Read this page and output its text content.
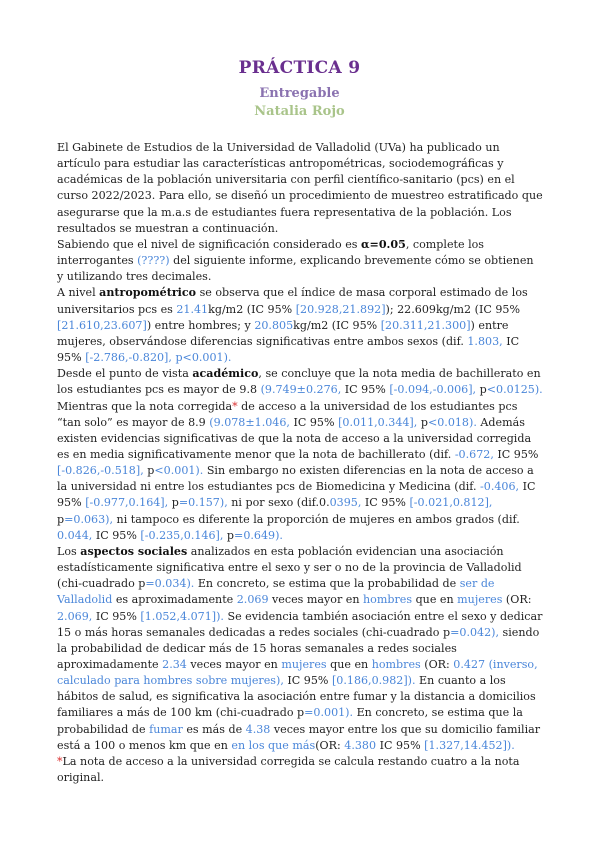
PRÁCTICA 9
Entregable
Natalia Rojo

El Gabinete de Estudios de la Universidad de Valladolid (UVa) ha publicado un artículo para estudiar las características antropométricas, sociodemográficas y académicas de la población universitaria con perfil científico-sanitario (pcs) en el curso 2022/2023. Para ello, se diseñó un procedimiento de muestreo estratificado que asegurarse que la m.a.s de estudiantes fuera representativa de la población. Los resultados se muestran a continuación.

Sabiendo que el nivel de significación considerado es α=0.05, complete los interrogantes (????) del siguiente informe, explicando brevemente cómo se obtienen y utilizando tres decimales.

A nivel antropométrico se observa que el índice de masa corporal estimado de los universitarios pcs es 21.41kg/m2 (IC 95% [20.928,21.892]); 22.609kg/m2 (IC 95% [21.610,23.607]) entre hombres; y 20.805kg/m2 (IC 95% [20.311,21.300]) entre mujeres, observándose diferencias significativas entre ambos sexos (dif. 1.803, IC 95% [-2.786,-0.820], p<0.001).

Desde el punto de vista académico, se concluye que la nota media de bachillerato en los estudiantes pcs es mayor de 9.8 (9.749±0.276, IC 95% [-0.094,-0.006], p<0.0125). Mientras que la nota corregida* de acceso a la universidad de los estudiantes pcs “tan solo” es mayor de 8.9 (9.078±1.046, IC 95% [0.011,0.344], p<0.018). Además existen evidencias significativas de que la nota de acceso a la universidad corregida es en media significativamente menor que la nota de bachillerato (dif. -0.672, IC 95% [-0.826,-0.518], p<0.001). Sin embargo no existen diferencias en la nota de acceso a la universidad ni entre los estudiantes pcs de Biomedicina y Medicina (dif. -0.406, IC 95% [-0.977,0.164], p=0.157), ni por sexo (dif.0.0395, IC 95% [-0.021,0.812], p=0.063), ni tampoco es diferente la proporción de mujeres en ambos grados (dif. 0.044, IC 95% [-0.235,0.146], p=0.649).

Los aspectos sociales analizados en esta población evidencian una asociación estadísticamente significativa entre el sexo y ser o no de la provincia de Valladolid (chi-cuadrado p=0.034). En concreto, se estima que la probabilidad de ser de Valladolid es aproximadamente 2.069 veces mayor en hombres que en mujeres (OR: 2.069, IC 95% [1.052,4.071]). Se evidencia también asociación entre el sexo y dedicar 15 o más horas semanales dedicadas a redes sociales (chi-cuadrado p=0.042), siendo la probabilidad de dedicar más de 15 horas semanales a redes sociales aproximadamente 2.34 veces mayor en mujeres que en hombres (OR: 0.427 (inverso, calculado para hombres sobre mujeres), IC 95% [0.186,0.982]). En cuanto a los hábitos de salud, es significativa la asociación entre fumar y la distancia a domicilios familiares a más de 100 km (chi-cuadrado p=0.001). En concreto, se estima que la probabilidad de fumar es más de 4.38 veces mayor entre los que su domicilio familiar está a 100 o menos km que en en los que más(OR: 4.380 IC 95% [1.327,14.452]).

*La nota de acceso a la universidad corregida se calcula restando cuatro a la nota original.
